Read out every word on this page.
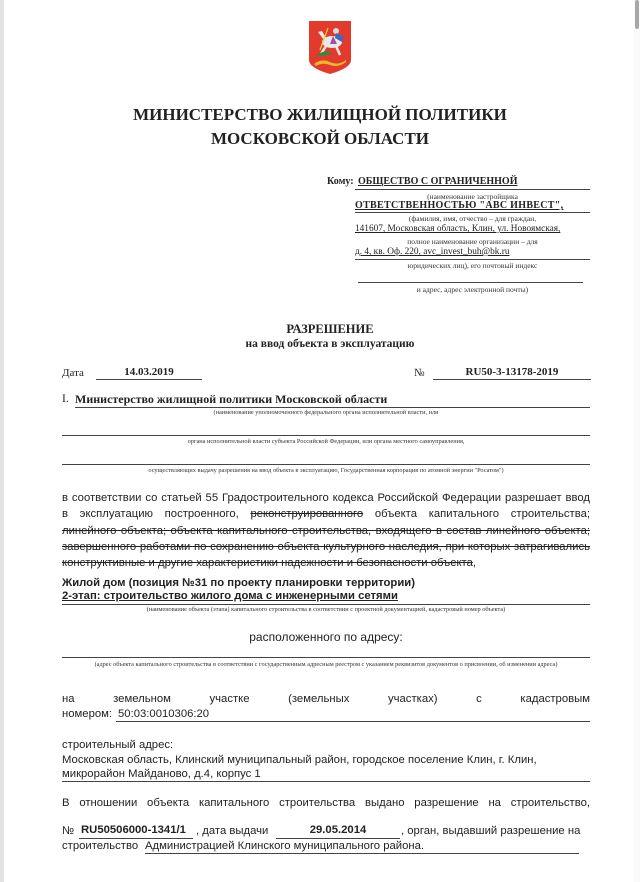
МИНИСТЕРСТВО ЖИЛИЩНОЙ ПОЛИТИКИ
МОСКОВСКОЙ ОБЛАСТИ
Кому: ОБЩЕСТВО С ОГРАНИЧЕННОЙ
(наименование застройщика
ОТВЕТСТВЕННОСТЬЮ "АВС ИНВЕСТ",
(фамилия, имя, отчество – для граждан,
141607, Московская область, Клин, ул. Новоямская,
полное наименование организации – для
д. 4, кв. Оф. 220, avc_invest_buh@bk.ru
юридических лиц), его почтовый индекс
и адрес, адрес электронной почты)
РАЗРЕШЕНИЕ
на ввод объекта в эксплуатацию
Дата	14.03.2019	№	RU50-3-13178-2019
I. Министерство жилищной политики Московской области
(наименование уполномоченного федерального органа исполнительной власти, или
органа исполнительной власти субъекта Российской Федерации, или органа местного самоуправления,
осуществляющих выдачу разрешения на ввод объекта в эксплуатацию, Государственная корпорация по атомной энергии "Росатом")
в соответствии со статьей 55 Градостроительного кодекса Российской Федерации разрешает ввод в эксплуатацию построенного, реконструированного объекта капитального строительства; линейного объекта; объекта капитального строительства, входящего в состав линейного объекта; завершенного работами по сохранению объекта культурного наследия, при которых затрагивались конструктивные и другие характеристики надежности и безопасности объекта,
Жилой дом (позиция №31 по проекту планировки территории)
2-этап: строительство жилого дома с инженерными сетями
(наименование объекта (этапа) капитального строительства в соответствии с проектной документацией, кадастровый номер объекта)
расположенного по адресу:
(адрес объекта капитального строительства в соответствии с государственным адресным реестром с указанием реквизитов документов о присвоении, об изменении адреса)
на земельном участке (земельных участках) с кадастровым
номером: 50:03:0010306:20
строительный адрес:
Московская область, Клинский муниципальный район, городское поселение Клин, г. Клин,
микрорайон Майданово, д.4, корпус 1
В отношении объекта капитального строительства выдано разрешение на строительство,
№ RU50506000-1341/1 , дата выдачи	29.05.2014	, орган, выдавший разрешение на
строительство Администрацией Клинского муниципального района.
